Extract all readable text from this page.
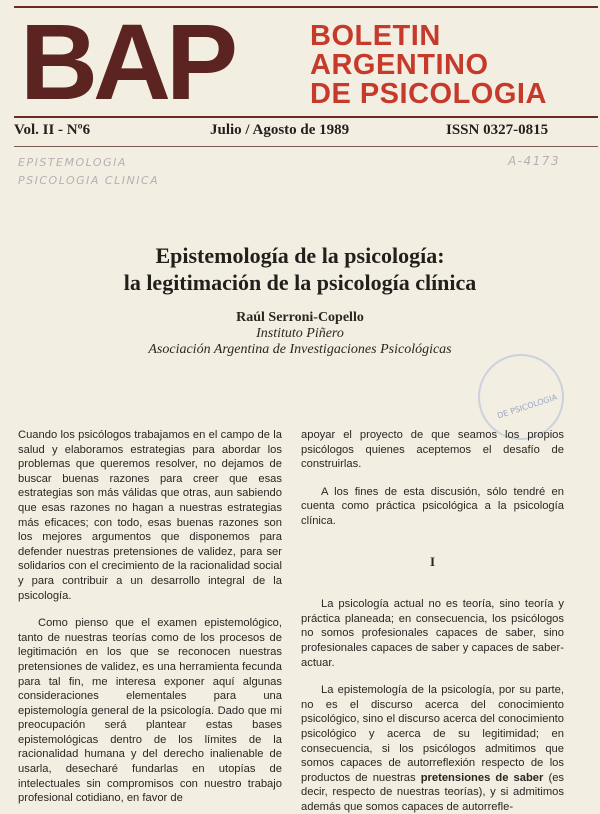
BAP	BOLETIN
ARGENTINO
DE PSICOLOGIA
Vol. II - Nº6	Julio / Agosto de 1989	ISSN 0327-0815
EPISTEMOLOGIA
PSICOLOGIA CLINICA
A-4173
Epistemología de la psicología:
la legitimación de la psicología clínica
Raúl Serroni-Copello
Instituto Piñero
Asociación Argentina de Investigaciones Psicológicas
DE PSICOLOGIA

Cuando los psicólogos trabajamos en el campo de la salud y elaboramos estrategias para abordar los problemas que queremos resolver, no dejamos de buscar buenas razones para creer que esas estrategias son más válidas que otras, aun sabiendo que esas razones no hagan a nuestras estrategias más eficaces; con todo, esas buenas razones son los mejores argumentos que disponemos para defender nuestras pretensiones de validez, para ser solidarios con el crecimiento de la racionalidad social y para contribuir a un desarrollo integral de la psicología.

Como pienso que el examen epistemológico, tanto de nuestras teorías como de los procesos de legitimación en los que se reconocen nuestras pretensiones de validez, es una herramienta fecunda para tal fin, me interesa exponer aquí algunas consideraciones elementales para una epistemología general de la psicología. Dado que mi preocupación será plantear estas bases epistemológicas dentro de los límites de la racionalidad humana y del derecho inalienable de usarla, desecharé fundarlas en utopías de intelectuales sin compromisos con nuestro trabajo profesional cotidiano, en favor de

apoyar el proyecto de que seamos los propios psicólogos quienes aceptemos el desafío de construirlas.

A los fines de esta discusión, sólo tendré en cuenta como práctica psicológica a la psicología clínica.

I

La psicología actual no es teoría, sino teoría y práctica planeada; en consecuencia, los psicólogos no somos profesionales capaces de saber, sino profesionales capaces de saber y capaces de saber-actuar.

La epistemología de la psicología, por su parte, no es el discurso acerca del conocimiento psicológico, sino el discurso acerca del conocimiento psicológico y acerca de su legitimidad; en consecuencia, si los psicólogos admitimos que somos capaces de autorreflexión respecto de los productos de nuestras pretensiones de saber (es decir, respecto de nuestras teorías), y si admitimos además que somos capaces de autorrefle-
